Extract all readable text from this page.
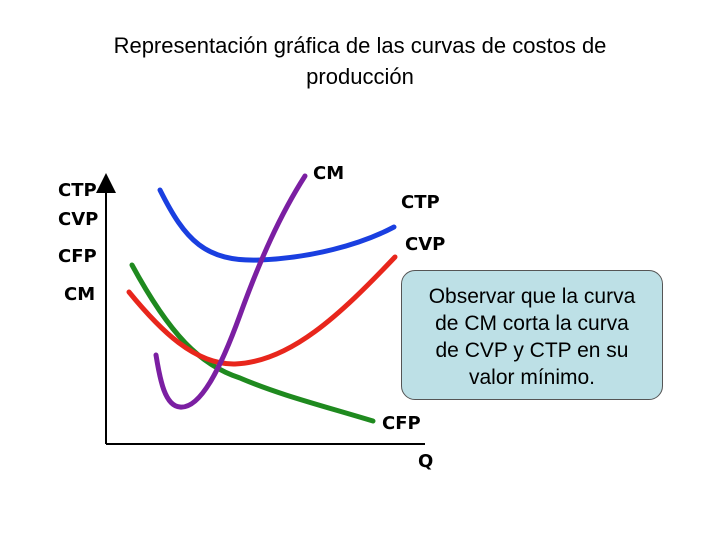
Representación gráfica de las curvas de costos de
producción
CTP
CVP
CFP
CM
Q
CM
CTP
CVP
CFP
Observar que la curva
de CM corta la curva
de CVP y CTP en su
valor mínimo.
